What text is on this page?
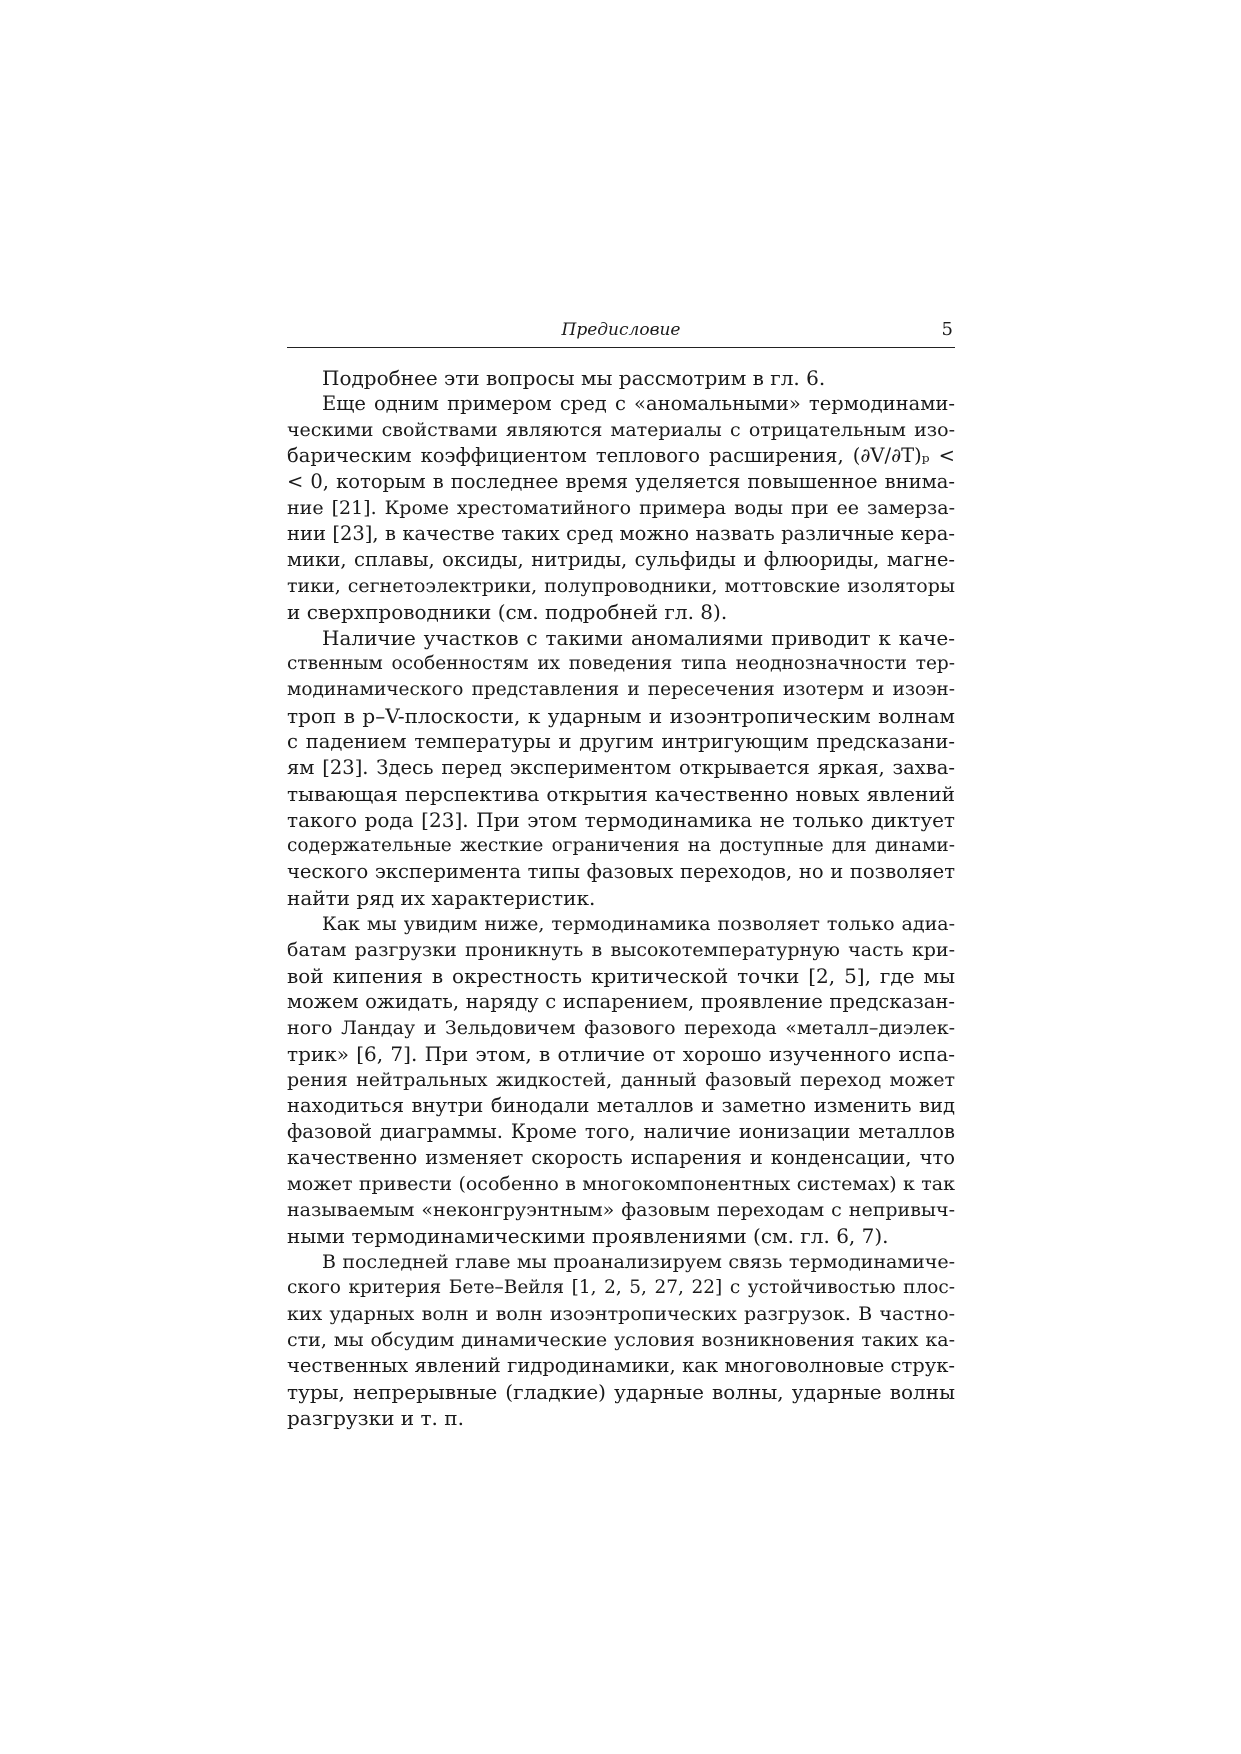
Предисловие	5
Подробнее эти вопросы мы рассмотрим в гл. 6.
Еще одним примером сред с «аномальными» термодинами-
ческими свойствами являются материалы с отрицательным изо-
барическим коэффициентом теплового расширения, (∂V/∂T)ₚ <
< 0, которым в последнее время уделяется повышенное внима-
ние [21]. Кроме хрестоматийного примера воды при ее замерза-
нии [23], в качестве таких сред можно назвать различные кера-
мики, сплавы, оксиды, нитриды, сульфиды и флюориды, магне-
тики, сегнетоэлектрики, полупроводники, моттовские изоляторы
и сверхпроводники (см. подробней гл. 8).
Наличие участков с такими аномалиями приводит к каче-
ственным особенностям их поведения типа неоднозначности тер-
модинамического представления и пересечения изотерм и изоэн-
троп в p–V-плоскости, к ударным и изоэнтропическим волнам
с падением температуры и другим интригующим предсказани-
ям [23]. Здесь перед экспериментом открывается яркая, захва-
тывающая перспектива открытия качественно новых явлений
такого рода [23]. При этом термодинамика не только диктует
содержательные жесткие ограничения на доступные для динами-
ческого эксперимента типы фазовых переходов, но и позволяет
найти ряд их характеристик.
Как мы увидим ниже, термодинамика позволяет только адиа-
батам разгрузки проникнуть в высокотемпературную часть кри-
вой кипения в окрестность критической точки [2, 5], где мы
можем ожидать, наряду с испарением, проявление предсказан-
ного Ландау и Зельдовичем фазового перехода «металл–диэлек-
трик» [6, 7]. При этом, в отличие от хорошо изученного испа-
рения нейтральных жидкостей, данный фазовый переход может
находиться внутри бинодали металлов и заметно изменить вид
фазовой диаграммы. Кроме того, наличие ионизации металлов
качественно изменяет скорость испарения и конденсации, что
может привести (особенно в многокомпонентных системах) к так
называемым «неконгруэнтным» фазовым переходам с непривыч-
ными термодинамическими проявлениями (см. гл. 6, 7).
В последней главе мы проанализируем связь термодинамиче-
ского критерия Бете–Вейля [1, 2, 5, 27, 22] с устойчивостью плос-
ких ударных волн и волн изоэнтропических разгрузок. В частно-
сти, мы обсудим динамические условия возникновения таких ка-
чественных явлений гидродинамики, как многоволновые струк-
туры, непрерывные (гладкие) ударные волны, ударные волны
разгрузки и т. п.
